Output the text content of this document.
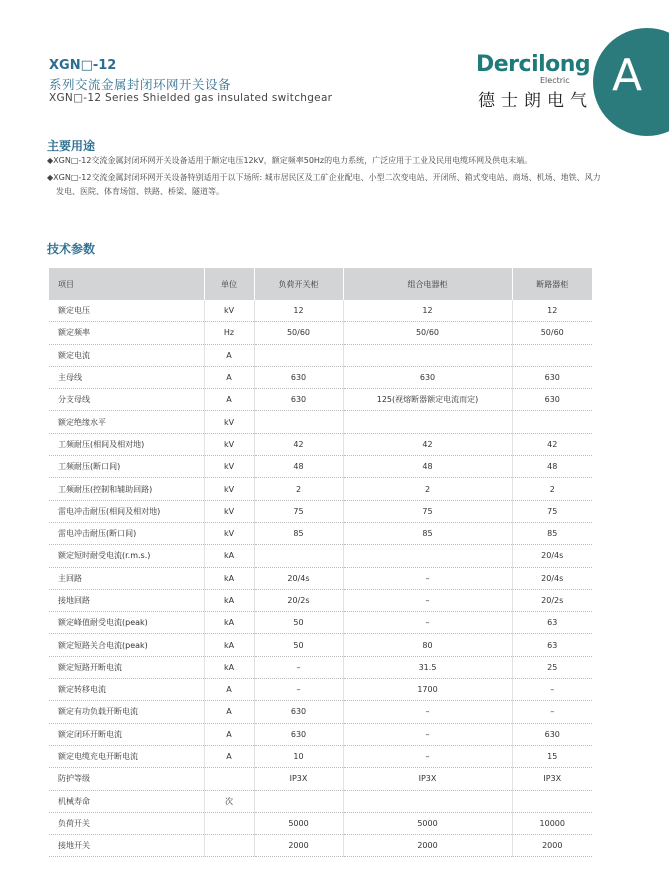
XGN□-12
系列交流金属封闭环网开关设备
XGN□-12 Series Shielded gas insulated switchgear	A
Dercilong
Electric
德士朗电气
主要用途

◆XGN□-12交流金属封闭环网开关设备适用于额定电压12kV，额定频率50Hz的电力系统，广泛应用于工业及民用电缆环网及供电末端。

◆XGN□-12交流金属封闭环网开关设备特别适用于以下场所: 城市居民区及工矿企业配电、小型二次变电站、开闭所、箱式变电站、商场、机场、地铁、风力发电、医院、体育场馆、铁路、桥梁、隧道等。

技术参数
项目	单位	负荷开关柜	组合电器柜	断路器柜
额定电压	kV	12	12	12
额定频率	Hz	50/60	50/60	50/60
额定电流	A			
主母线	A	630	630	630
分支母线	A	630	125(视熔断器额定电流而定)	630
额定绝缘水平	kV			
工频耐压(相间及相对地)	kV	42	42	42
工频耐压(断口间)	kV	48	48	48
工频耐压(控制和辅助回路)	kV	2	2	2
雷电冲击耐压(相间及相对地)	kV	75	75	75
雷电冲击耐压(断口间)	kV	85	85	85
额定短时耐受电流(r.m.s.)	kA			20/4s
主回路	kA	20/4s	–	20/4s
接地回路	kA	20/2s	–	20/2s
额定峰值耐受电流(peak)	kA	50	–	63
额定短路关合电流(peak)	kA	50	80	63
额定短路开断电流	kA	–	31.5	25
额定转移电流	A	–	1700	–
额定有功负载开断电流	A	630	–	–
额定闭环开断电流	A	630	–	630
额定电缆充电开断电流	A	10	–	15
防护等级		IP3X	IP3X	IP3X
机械寿命	次			
负荷开关		5000	5000	10000
接地开关		2000	2000	2000
